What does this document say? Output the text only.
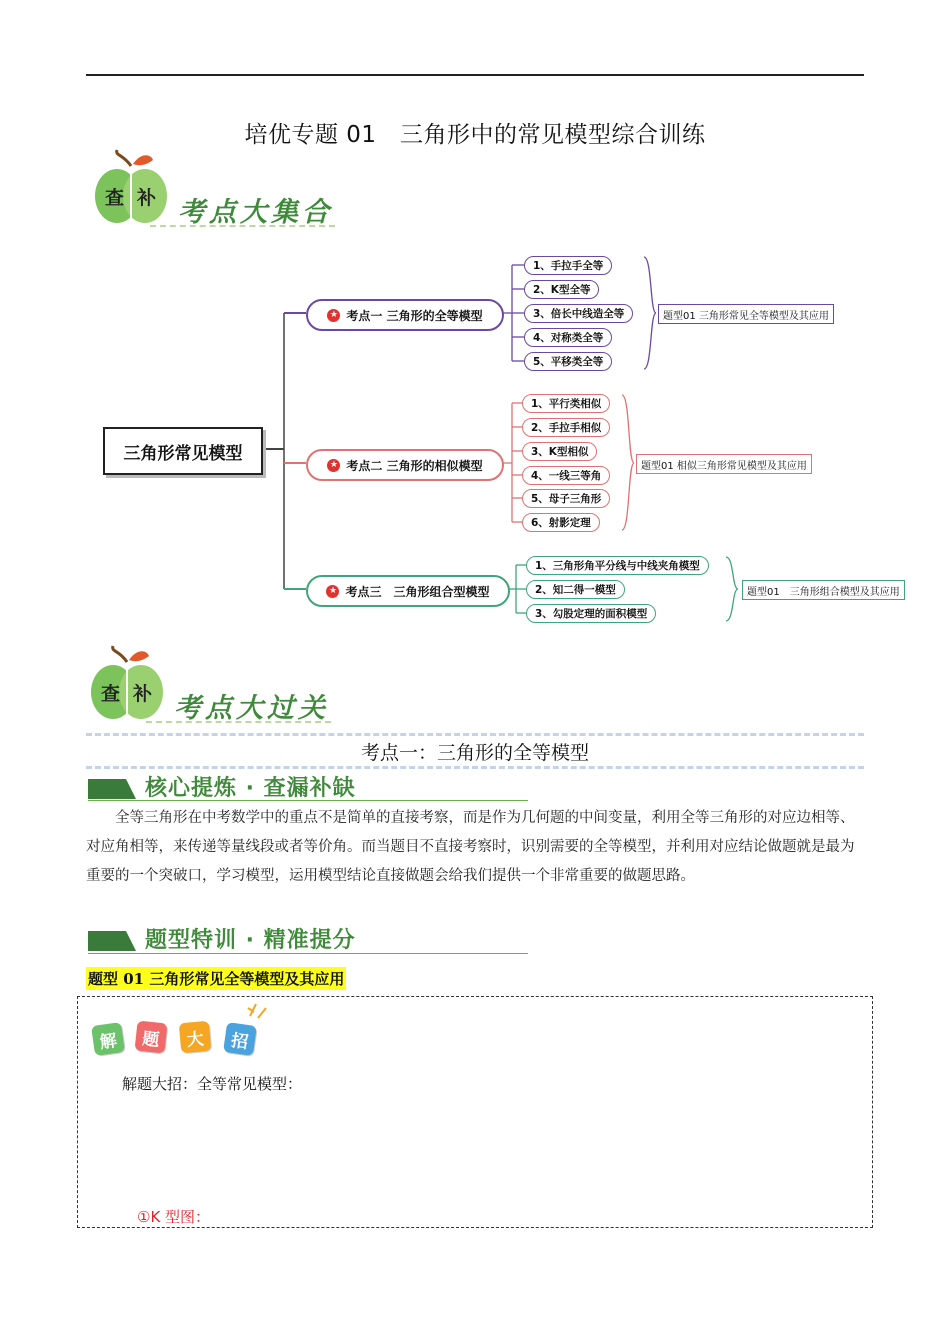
培优专题 01　三角形中的常见模型综合训练
查 补 考点大集合
三角形常见模型
★ 考点一 三角形的全等模型
1、手拉手全等
2、K型全等
3、倍长中线造全等
4、对称类全等
5、平移类全等
题型01 三角形常见全等模型及其应用
★ 考点二 三角形的相似模型
1、平行类相似
2、手拉手相似
3、K型相似
4、一线三等角
5、母子三角形
6、射影定理
题型01 相似三角形常见模型及其应用
★ 考点三　三角形组合型模型
1、三角形角平分线与中线夹角模型
2、知二得一模型
3、勾股定理的面积模型
题型01　三角形组合模型及其应用
查 补 考点大过关
考点一：三角形的全等模型
核心提炼 · 查漏补缺
全等三角形在中考数学中的重点不是简单的直接考察，而是作为几何题的中间变量，利用全等三角形的对应边相等、对应角相等，来传递等量线段或者等价角。而当题目不直接考察时，识别需要的全等模型，并利用对应结论做题就是最为重要的一个突破口，学习模型，运用模型结论直接做题会给我们提供一个非常重要的做题思路。
题型特训 · 精准提分
题型 01 三角形常见全等模型及其应用
解 题 大 招
解题大招：全等常见模型：
①K 型图：
